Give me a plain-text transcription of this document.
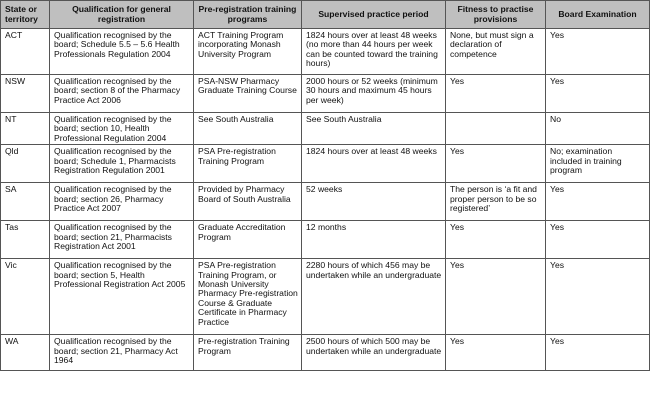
State or territory	Qualification for general registration	Pre-registration training programs	Supervised practice period	Fitness to practise provisions	Board Examination
ACT	Qualification recognised by the board; Schedule 5.5 – 5.6 Health Professionals Regulation 2004	ACT Training Program incorporating Monash University Program	1824 hours over at least 48 weeks (no more than 44 hours per week can be counted toward the training hours)	None, but must sign a declaration of competence	Yes
NSW	Qualification recognised by the board; section 8 of the Pharmacy Practice Act 2006	PSA-NSW Pharmacy Graduate Training Course	2000 hours or 52 weeks (minimum 30 hours and maximum 45 hours per week)	Yes	Yes
NT	Qualification recognised by the board; section 10, Health Professional Regulation 2004	See South Australia	See South Australia		No
Qld	Qualification recognised by the board; Schedule 1, Pharmacists Registration Regulation 2001	PSA Pre-registration Training Program	1824 hours over at least 48 weeks	Yes	No; examination included in training program
SA	Qualification recognised by the board; section 26, Pharmacy Practice Act 2007	Provided by Pharmacy Board of South Australia	52 weeks	The person is ‘a fit and proper person to be so registered’	Yes
Tas	Qualification recognised by the board; section 21, Pharmacists Registration Act 2001	Graduate Accreditation Program	12 months	Yes	Yes
Vic	Qualification recognised by the board; section 5, Health Professional Registration Act 2005	PSA Pre-registration Training Program, or Monash University Pharmacy Pre-registration Course & Graduate Certificate in Pharmacy Practice	2280 hours of which 456 may be undertaken while an undergraduate	Yes	Yes
WA	Qualification recognised by the board; section 21, Pharmacy Act 1964	Pre-registration Training Program	2500 hours of which 500 may be undertaken while an undergraduate	Yes	Yes
